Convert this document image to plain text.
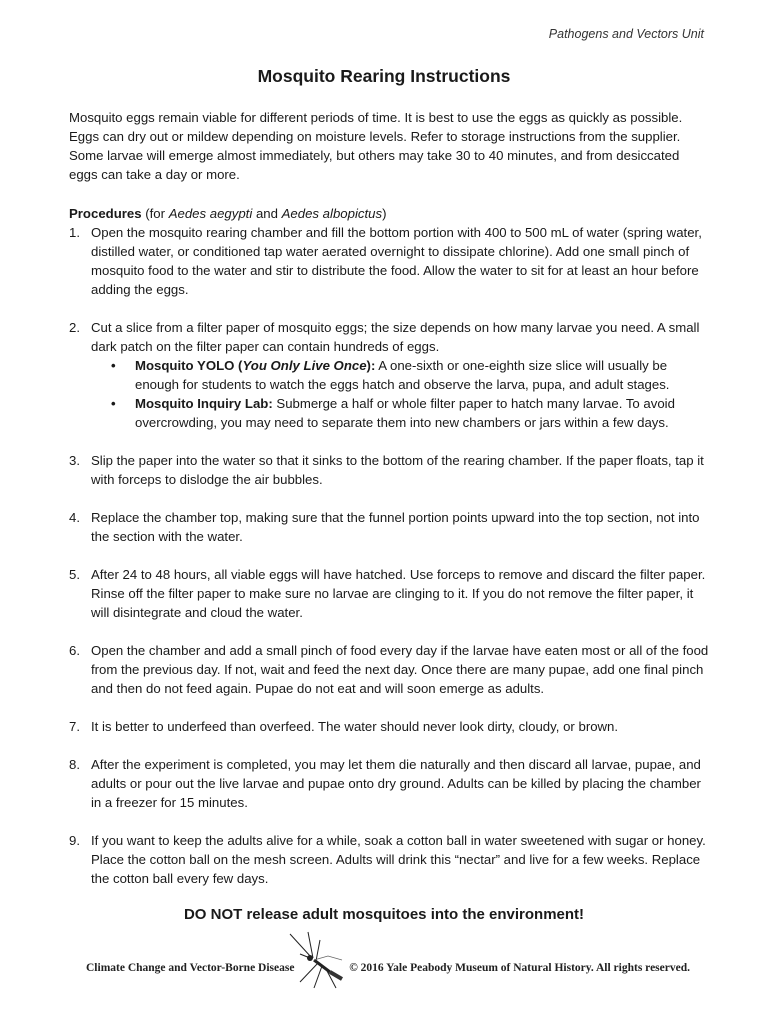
Pathogens and Vectors Unit
Mosquito Rearing Instructions

Mosquito eggs remain viable for different periods of time. It is best to use the eggs as quickly as possible. Eggs can dry out or mildew depending on moisture levels. Refer to storage instructions from the supplier. Some larvae will emerge almost immediately, but others may take 30 to 40 minutes, and from desiccated eggs can take a day or more.

Procedures (for Aedes aegypti and Aedes albopictus)

1. Open the mosquito rearing chamber and fill the bottom portion with 400 to 500 mL of water (spring water, distilled water, or conditioned tap water aerated overnight to dissipate chlorine). Add one small pinch of mosquito food to the water and stir to distribute the food. Allow the water to sit for at least an hour before adding the eggs.
2. Cut a slice from a filter paper of mosquito eggs; the size depends on how many larvae you need. A small dark patch on the filter paper can contain hundreds of eggs.
• Mosquito YOLO (You Only Live Once): A one-sixth or one-eighth size slice will usually be enough for students to watch the eggs hatch and observe the larva, pupa, and adult stages.
• Mosquito Inquiry Lab: Submerge a half or whole filter paper to hatch many larvae. To avoid overcrowding, you may need to separate them into new chambers or jars within a few days.
3. Slip the paper into the water so that it sinks to the bottom of the rearing chamber. If the paper floats, tap it with forceps to dislodge the air bubbles.
4. Replace the chamber top, making sure that the funnel portion points upward into the top section, not into the section with the water.
5. After 24 to 48 hours, all viable eggs will have hatched. Use forceps to remove and discard the filter paper. Rinse off the filter paper to make sure no larvae are clinging to it. If you do not remove the filter paper, it will disintegrate and cloud the water.
6. Open the chamber and add a small pinch of food every day if the larvae have eaten most or all of the food from the previous day. If not, wait and feed the next day. Once there are many pupae, add one final pinch and then do not feed again. Pupae do not eat and will soon emerge as adults.
7. It is better to underfeed than overfeed. The water should never look dirty, cloudy, or brown.
8. After the experiment is completed, you may let them die naturally and then discard all larvae, pupae, and adults or pour out the live larvae and pupae onto dry ground. Adults can be killed by placing the chamber in a freezer for 15 minutes.
9. If you want to keep the adults alive for a while, soak a cotton ball in water sweetened with sugar or honey. Place the cotton ball on the mesh screen. Adults will drink this “nectar” and live for a few weeks. Replace the cotton ball every few days.

DO NOT release adult mosquitoes into the environment!

Climate Change and Vector-Borne Disease	© 2016 Yale Peabody Museum of Natural History. All rights reserved.
